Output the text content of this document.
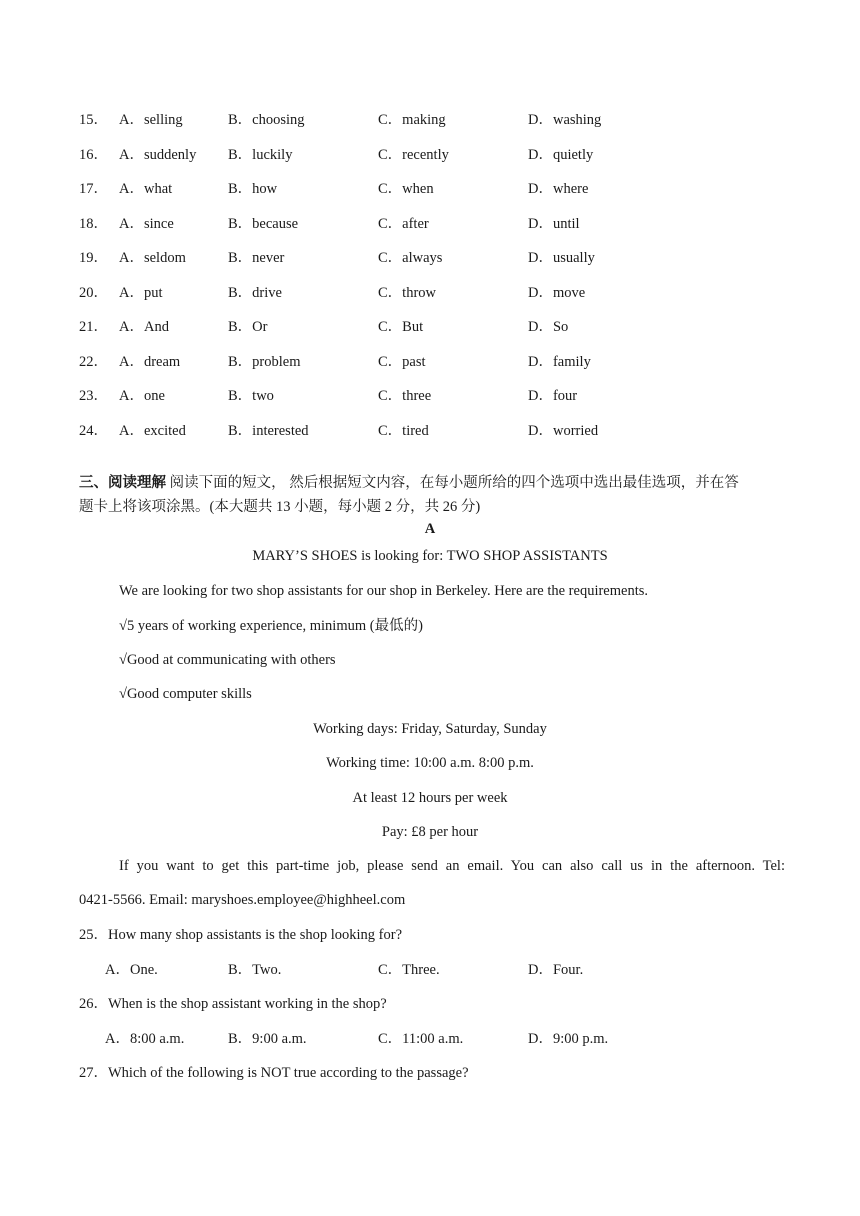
15． A．selling	B．choosing	C．making	D．washing
16． A．suddenly B．luckily	C．recently	D．quietly
17． A．what	B．how	C．when	D．where
18． A．since	B．because	C．after	D．until
19． A．seldom	B．never	C．always	D．usually
20． A．put	B．drive	C．throw	D．move
21． A．And	B．Or	C．But	D．So
22． A．dream	B．problem	C．past	D．family
23． A．one	B．two	C．three	D．four
24． A．excited	B．interested	C．tired	D．worried
三、阅读理解 阅读下面的短文， 然后根据短文内容，在每小题所给的四个选项中选出最佳选项，并在答
题卡上将该项涂黑。(本大题共 13 小题，每小题 2 分，共 26 分)
A
MARY’S SHOES is looking for: TWO SHOP ASSISTANTS
We are looking for two shop assistants for our shop in Berkeley. Here are the requirements.
√5 years of working experience, minimum (最低的)
√Good at communicating with others
√Good computer skills
Working days: Friday, Saturday, Sunday
Working time: 10:00 a.m. 8:00 p.m.
At least 12 hours per week
Pay: £8 per hour
If you want to get this part-time job, please send an email. You can also call us in the afternoon. Tel:
0421-5566. Email: maryshoes.employee@highheel.com
25．How many shop assistants is the shop looking for?
A．One.	B．Two.	C．Three.	D．Four.
26．When is the shop assistant working in the shop?
A．8:00 a.m.	B．9:00 a.m.	C．11:00 a.m.	D．9:00 p.m.
27．Which of the following is NOT true according to the passage?
